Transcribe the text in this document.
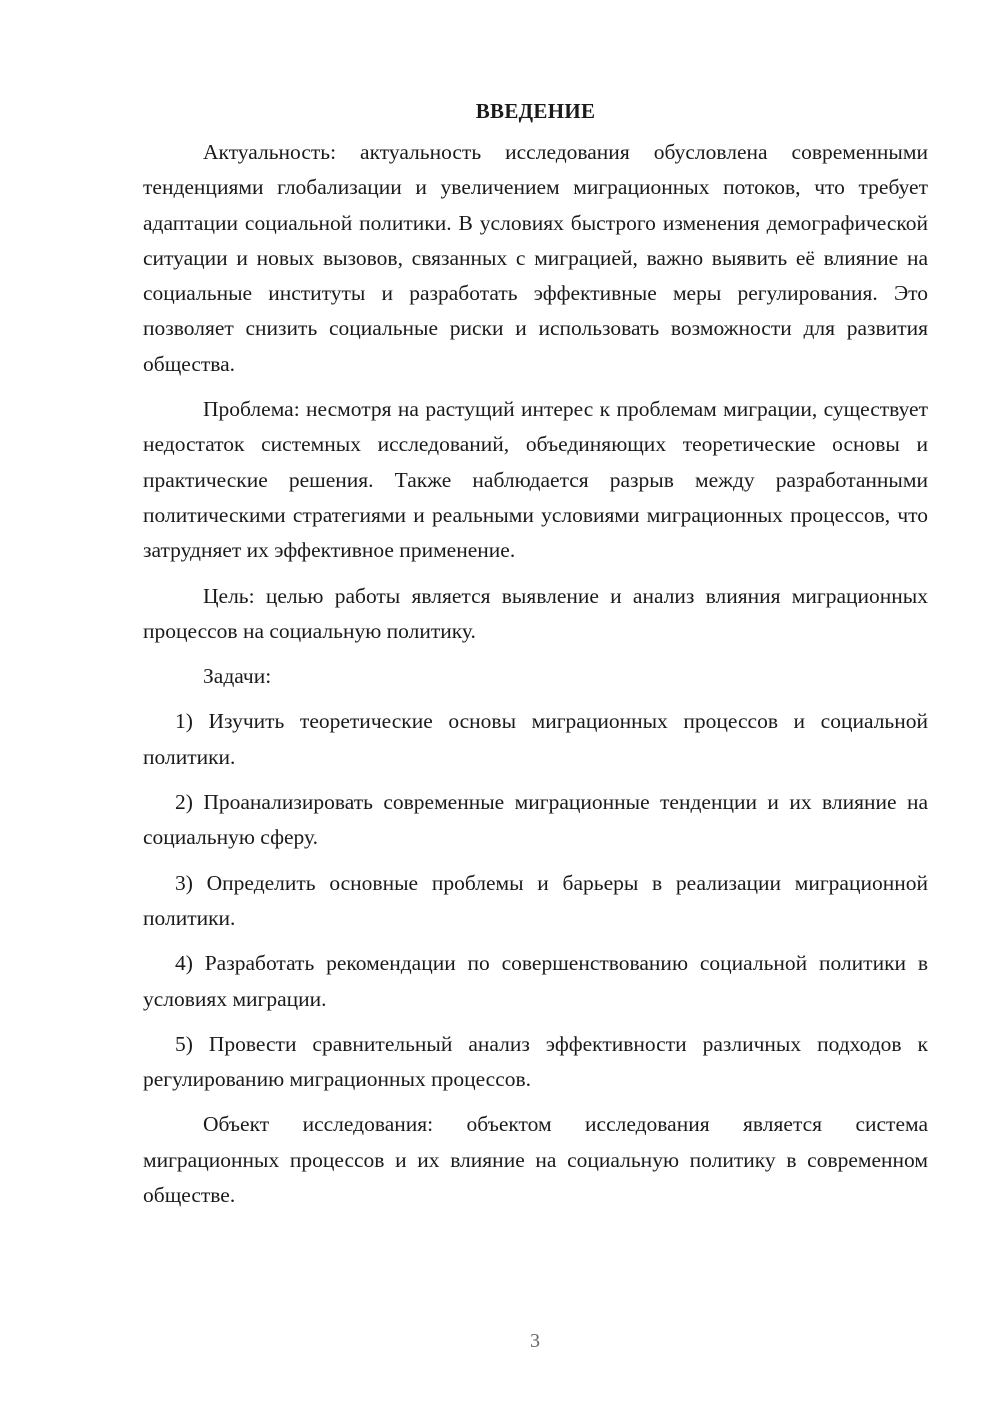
ВВЕДЕНИЕ

Актуальность: актуальность исследования обусловлена современными тенденциями глобализации и увеличением миграционных потоков, что требует адаптации социальной политики. В условиях быстрого изменения демографической ситуации и новых вызовов, связанных с миграцией, важно выявить её влияние на социальные институты и разработать эффективные меры регулирования. Это позволяет снизить социальные риски и использовать возможности для развития общества.

Проблема: несмотря на растущий интерес к проблемам миграции, существует недостаток системных исследований, объединяющих теоретические основы и практические решения. Также наблюдается разрыв между разработанными политическими стратегиями и реальными условиями миграционных процессов, что затрудняет их эффективное применение.

Цель: целью работы является выявление и анализ влияния миграционных процессов на социальную политику.

Задачи:

1) Изучить теоретические основы миграционных процессов и социальной политики.

2) Проанализировать современные миграционные тенденции и их влияние на социальную сферу.

3) Определить основные проблемы и барьеры в реализации миграционной политики.

4) Разработать рекомендации по совершенствованию социальной политики в условиях миграции.

5) Провести сравнительный анализ эффективности различных подходов к регулированию миграционных процессов.

Объект исследования: объектом исследования является система миграционных процессов и их влияние на социальную политику в современном обществе.

3
